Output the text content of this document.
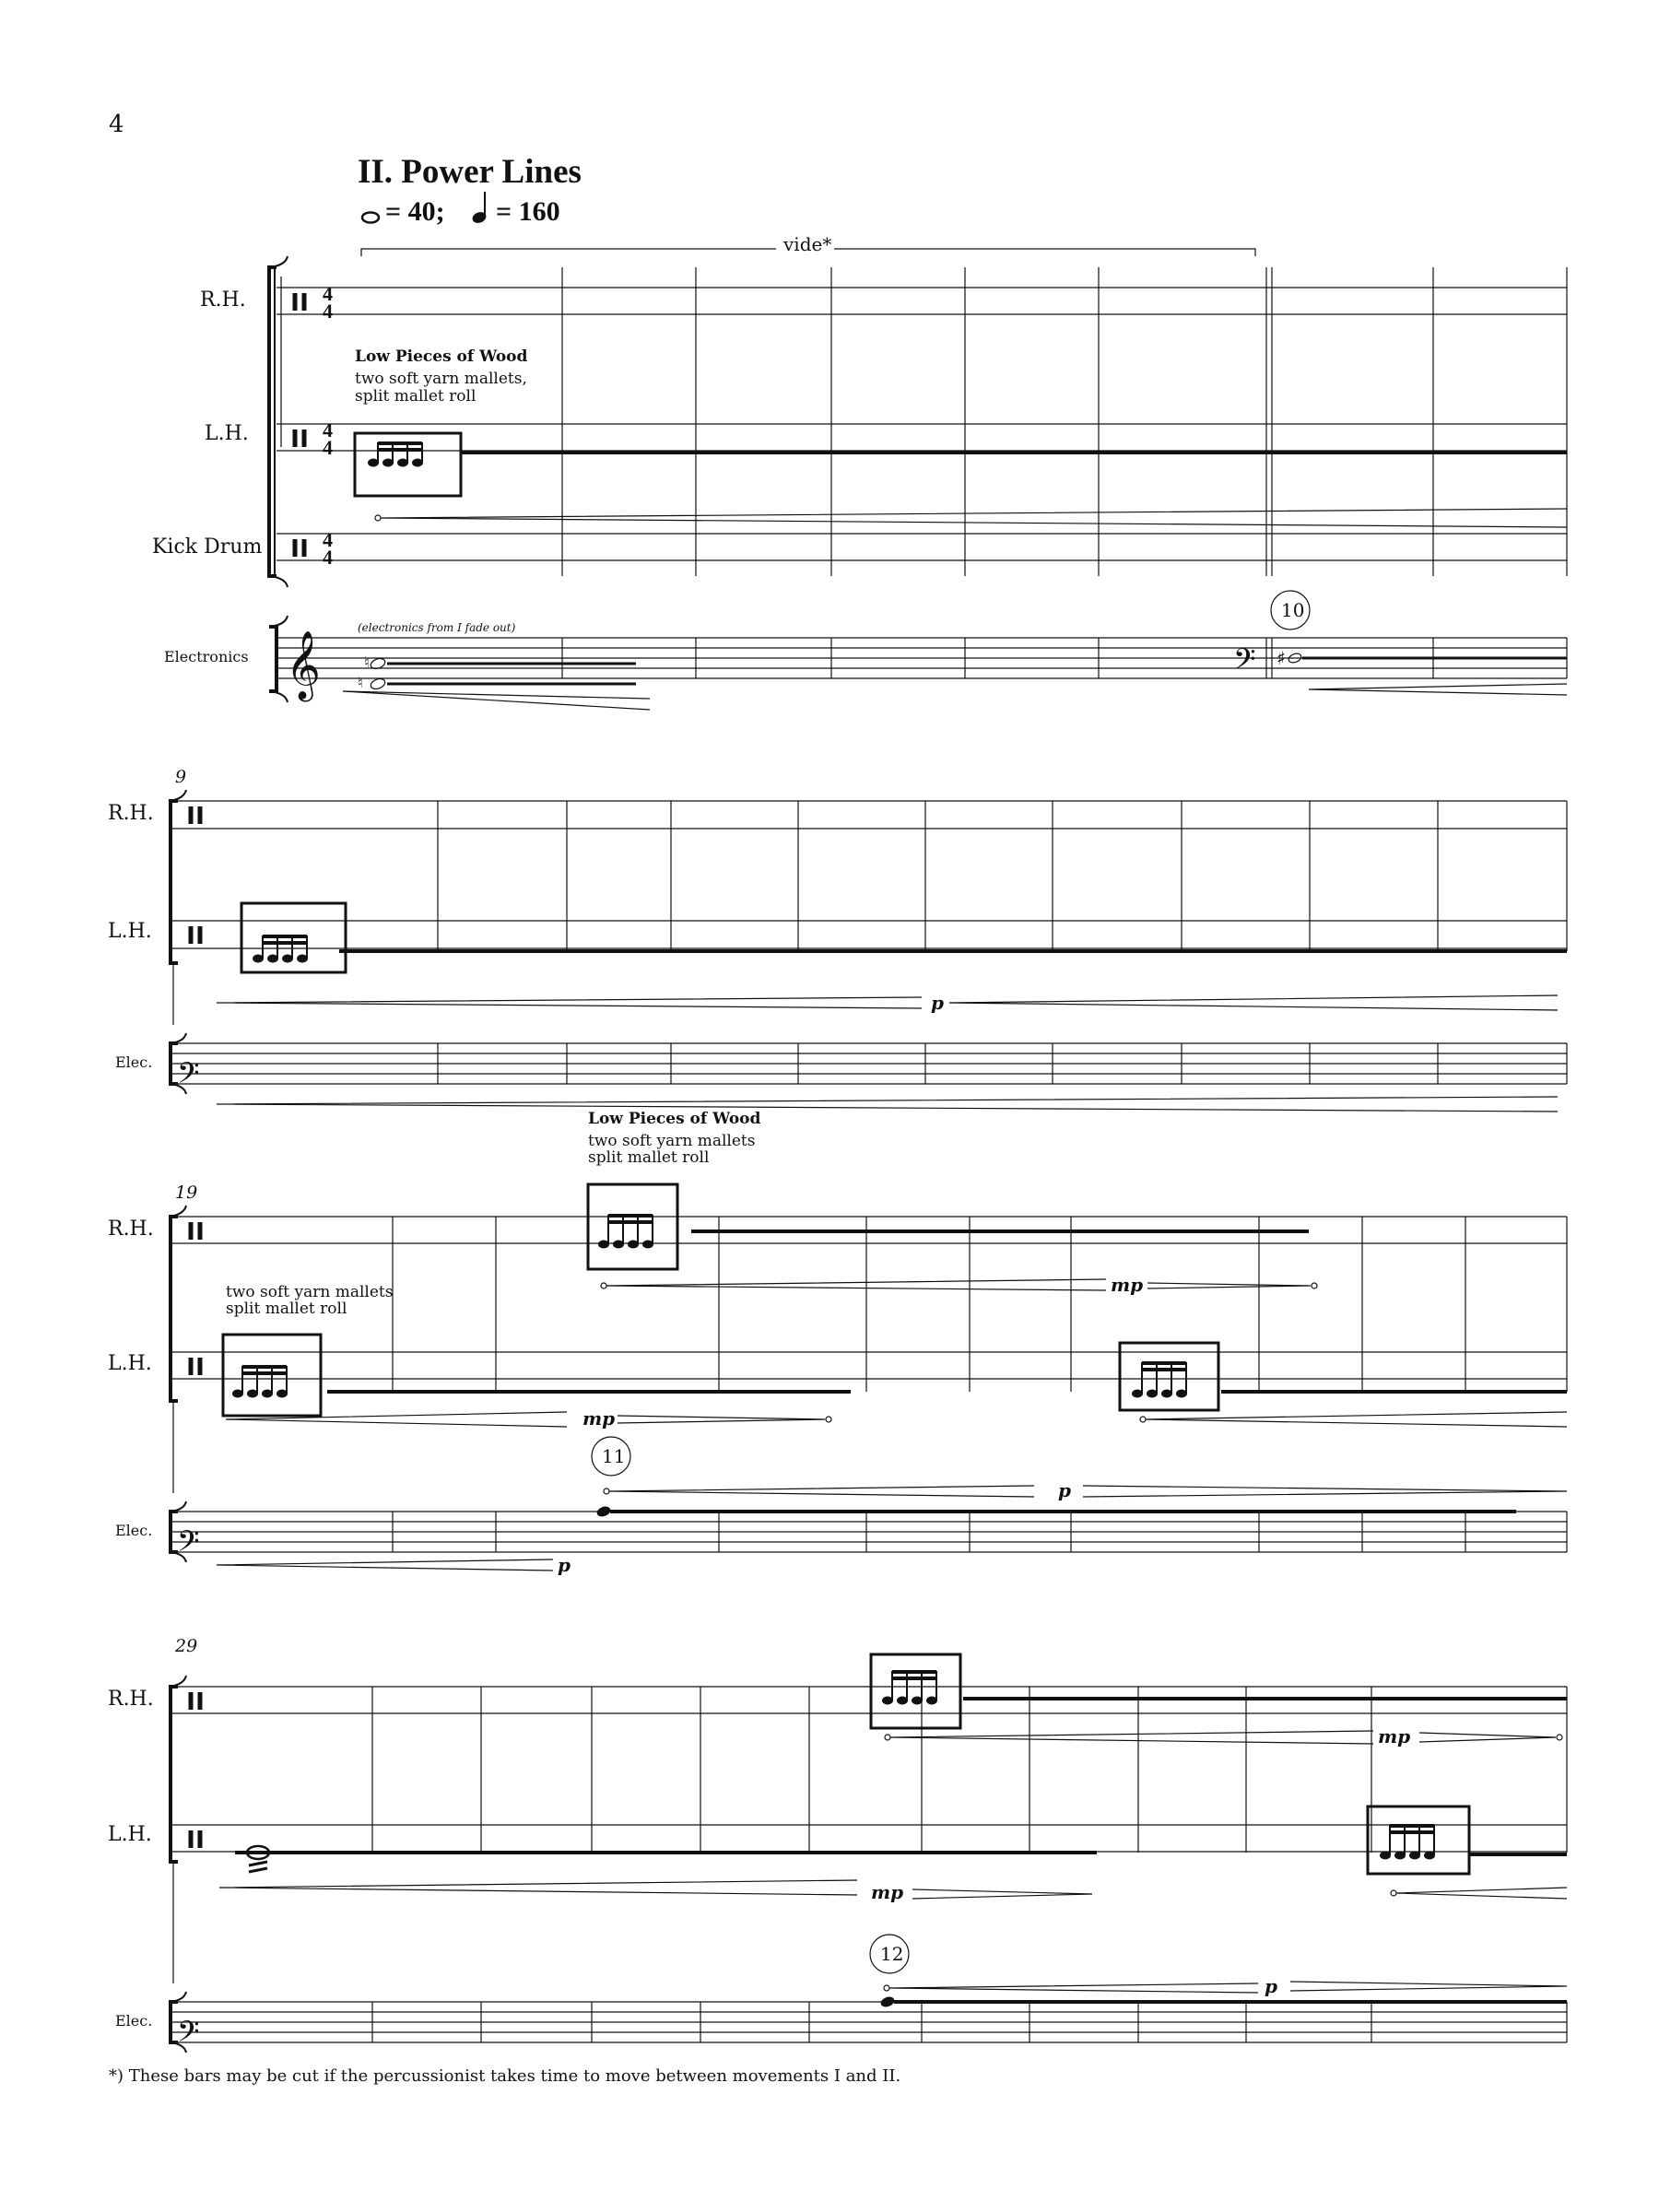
♮
♮
𝄞	𝄢 ♯
4
4
4
4
4
4
𝄢
𝄢
𝄢
4
II. Power Lines
= 40; = 160
vide*
R.H.
L.H.
Kick Drum
Electronics
Low Pieces of Wood
two soft yarn mallets,
split mallet roll
(electronics from I fade out)
10
9
R.H.
L.H.
Elec.
p
Low Pieces of Wood
two soft yarn mallets
split mallet roll
19
R.H.
L.H.
Elec.
two soft yarn mallets
split mallet roll
mp
mp
p
p
11
29
R.H.
L.H.
Elec.
mp
mp
p
12
*) These bars may be cut if the percussionist takes time to move between movements I and II.
